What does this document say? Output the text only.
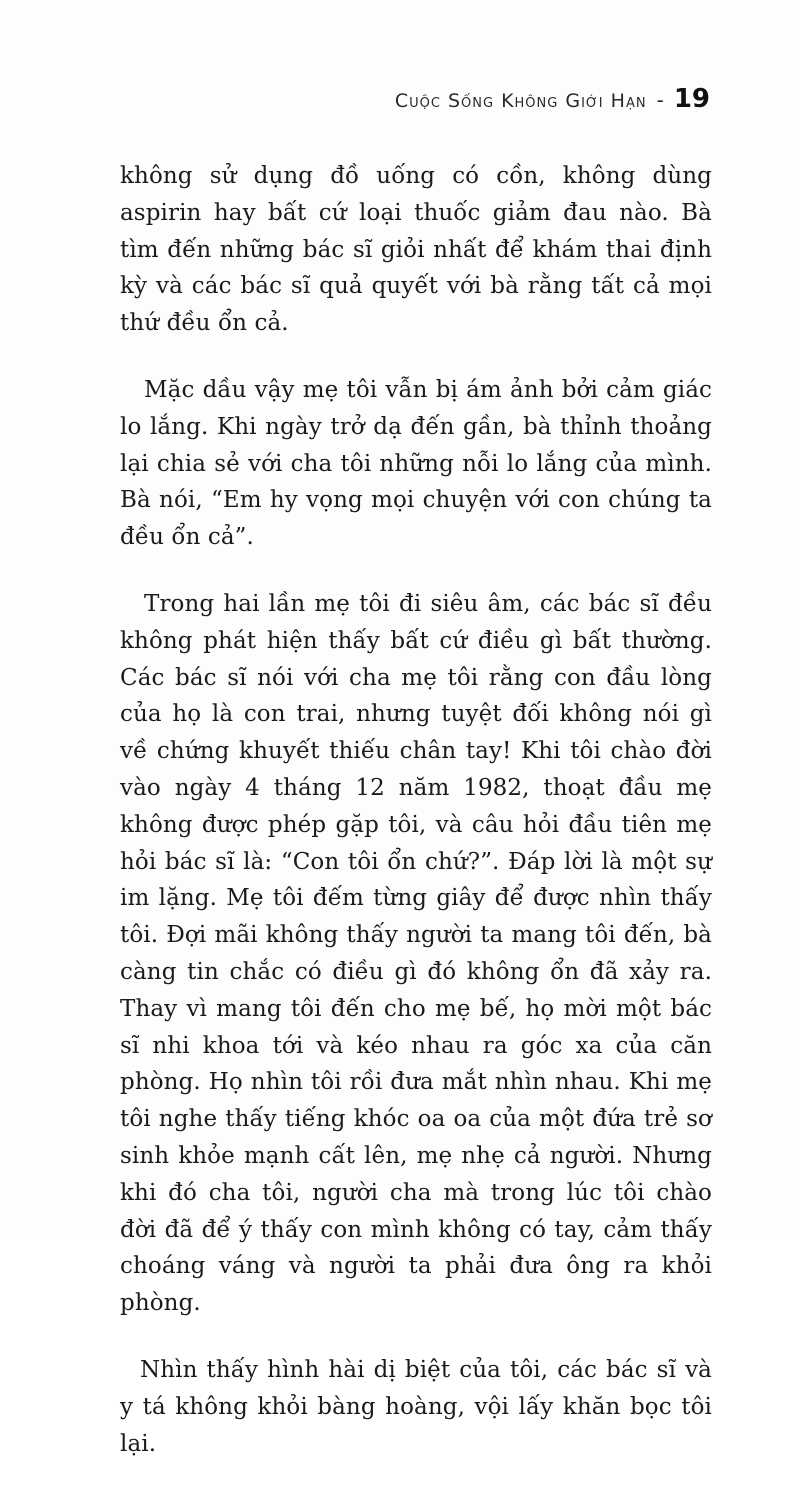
Cuộc Sống Không Giới Hạn - 19

không sử dụng đồ uống có cồn, không dùng aspirin hay bất cứ loại thuốc giảm đau nào. Bà tìm đến những bác sĩ giỏi nhất để khám thai định kỳ và các bác sĩ quả quyết với bà rằng tất cả mọi thứ đều ổn cả.

Mặc dầu vậy mẹ tôi vẫn bị ám ảnh bởi cảm giác lo lắng. Khi ngày trở dạ đến gần, bà thỉnh thoảng lại chia sẻ với cha tôi những nỗi lo lắng của mình. Bà nói, “Em hy vọng mọi chuyện với con chúng ta đều ổn cả”.

Trong hai lần mẹ tôi đi siêu âm, các bác sĩ đều không phát hiện thấy bất cứ điều gì bất thường. Các bác sĩ nói với cha mẹ tôi rằng con đầu lòng của họ là con trai, nhưng tuyệt đối không nói gì về chứng khuyết thiếu chân tay! Khi tôi chào đời vào ngày 4 tháng 12 năm 1982, thoạt đầu mẹ không được phép gặp tôi, và câu hỏi đầu tiên mẹ hỏi bác sĩ là: “Con tôi ổn chứ?”. Đáp lời là một sự im lặng. Mẹ tôi đếm từng giây để được nhìn thấy tôi. Đợi mãi không thấy người ta mang tôi đến, bà càng tin chắc có điều gì đó không ổn đã xảy ra. Thay vì mang tôi đến cho mẹ bế, họ mời một bác sĩ nhi khoa tới và kéo nhau ra góc xa của căn phòng. Họ nhìn tôi rồi đưa mắt nhìn nhau. Khi mẹ tôi nghe thấy tiếng khóc oa oa của một đứa trẻ sơ sinh khỏe mạnh cất lên, mẹ nhẹ cả người. Nhưng khi đó cha tôi, người cha mà trong lúc tôi chào đời đã để ý thấy con mình không có tay, cảm thấy choáng váng và người ta phải đưa ông ra khỏi phòng.

Nhìn thấy hình hài dị biệt của tôi, các bác sĩ và y tá không khỏi bàng hoàng, vội lấy khăn bọc tôi lại.
